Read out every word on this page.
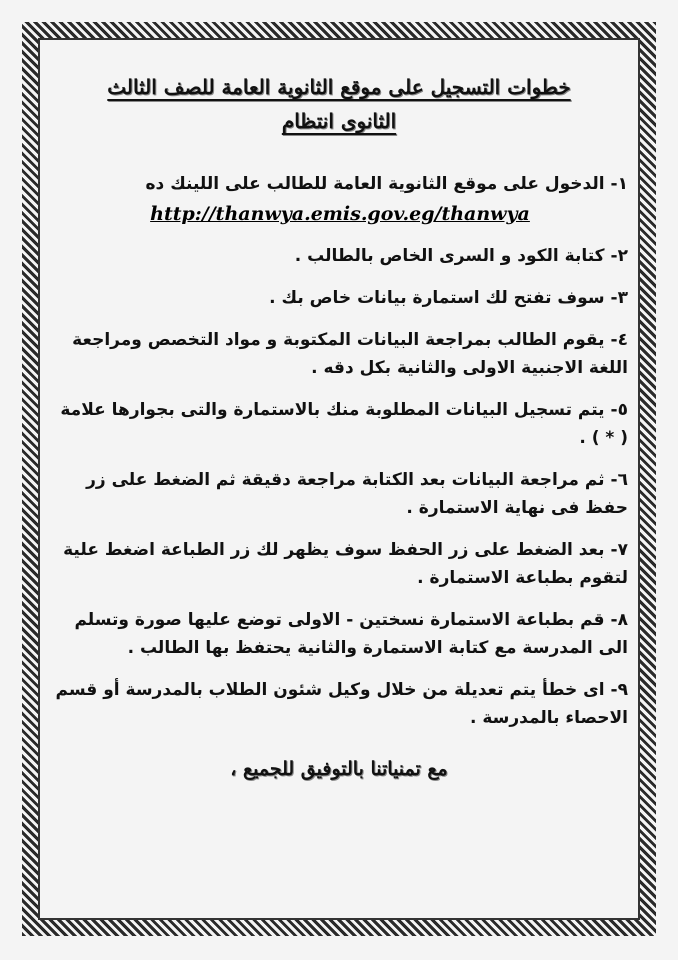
خطوات التسجيل على موقع الثانوية العامة للصف الثالث
الثانوى انتظام
١-الدخول على موقع الثانوية العامة للطالب على اللينك ده
http://thanwya.emis.gov.eg/thanwya
٢-كتابة الكود و السرى الخاص بالطالب .
٣-سوف تفتح لك استمارة بيانات خاص بك .
٤-يقوم الطالب بمراجعة البيانات المكتوبة و مواد التخصص ومراجعة اللغة الاجنبية الاولى والثانية بكل دقه .
٥-يتم تسجيل البيانات المطلوبة منك بالاستمارة والتى بجوارها علامة ( * ) .
٦-ثم مراجعة البيانات بعد الكتابة مراجعة دقيقة ثم الضغط على زر حفظ فى نهاية الاستمارة .
٧-بعد الضغط على زر الحفظ سوف يظهر لك زر الطباعة اضغط علية لتقوم بطباعة الاستمارة .
٨-قم بطباعة الاستمارة نسختين - الاولى توضع عليها صورة وتسلم الى المدرسة مع كتابة الاستمارة والثانية يحتفظ بها الطالب .
٩-اى خطأ يتم تعديلة من خلال وكيل شئون الطلاب بالمدرسة أو قسم الاحصاء بالمدرسة .
مع تمنياتنا بالتوفيق للجميع ،
